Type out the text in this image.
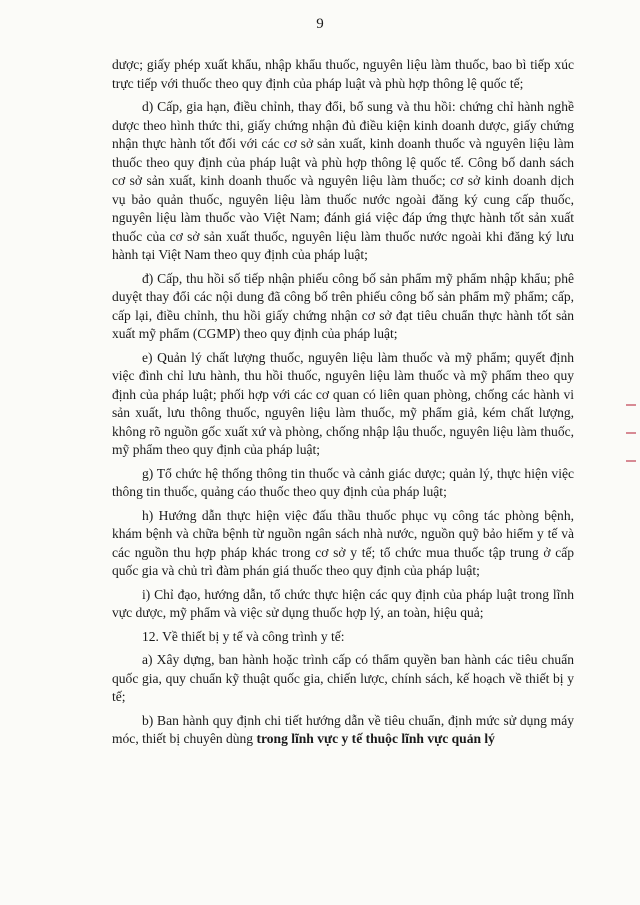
9

dược; giấy phép xuất khẩu, nhập khẩu thuốc, nguyên liệu làm thuốc, bao bì tiếp xúc trực tiếp với thuốc theo quy định của pháp luật và phù hợp thông lệ quốc tế;

d) Cấp, gia hạn, điều chỉnh, thay đổi, bổ sung và thu hồi: chứng chỉ hành nghề dược theo hình thức thi, giấy chứng nhận đủ điều kiện kinh doanh dược, giấy chứng nhận thực hành tốt đối với các cơ sở sản xuất, kinh doanh thuốc và nguyên liệu làm thuốc theo quy định của pháp luật và phù hợp thông lệ quốc tế. Công bố danh sách cơ sở sản xuất, kinh doanh thuốc và nguyên liệu làm thuốc; cơ sở kinh doanh dịch vụ bảo quản thuốc, nguyên liệu làm thuốc nước ngoài đăng ký cung cấp thuốc, nguyên liệu làm thuốc vào Việt Nam; đánh giá việc đáp ứng thực hành tốt sản xuất thuốc của cơ sở sản xuất thuốc, nguyên liệu làm thuốc nước ngoài khi đăng ký lưu hành tại Việt Nam theo quy định của pháp luật;

đ) Cấp, thu hồi số tiếp nhận phiếu công bố sản phẩm mỹ phẩm nhập khẩu; phê duyệt thay đổi các nội dung đã công bố trên phiếu công bố sản phẩm mỹ phẩm; cấp, cấp lại, điều chỉnh, thu hồi giấy chứng nhận cơ sở đạt tiêu chuẩn thực hành tốt sản xuất mỹ phẩm (CGMP) theo quy định của pháp luật;

e) Quản lý chất lượng thuốc, nguyên liệu làm thuốc và mỹ phẩm; quyết định việc đình chỉ lưu hành, thu hồi thuốc, nguyên liệu làm thuốc và mỹ phẩm theo quy định của pháp luật; phối hợp với các cơ quan có liên quan phòng, chống các hành vi sản xuất, lưu thông thuốc, nguyên liệu làm thuốc, mỹ phẩm giả, kém chất lượng, không rõ nguồn gốc xuất xứ và phòng, chống nhập lậu thuốc, nguyên liệu làm thuốc, mỹ phẩm theo quy định của pháp luật;

g) Tổ chức hệ thống thông tin thuốc và cảnh giác dược; quản lý, thực hiện việc thông tin thuốc, quảng cáo thuốc theo quy định của pháp luật;

h) Hướng dẫn thực hiện việc đấu thầu thuốc phục vụ công tác phòng bệnh, khám bệnh và chữa bệnh từ nguồn ngân sách nhà nước, nguồn quỹ bảo hiểm y tế và các nguồn thu hợp pháp khác trong cơ sở y tế; tổ chức mua thuốc tập trung ở cấp quốc gia và chủ trì đàm phán giá thuốc theo quy định của pháp luật;

i) Chỉ đạo, hướng dẫn, tổ chức thực hiện các quy định của pháp luật trong lĩnh vực dược, mỹ phẩm và việc sử dụng thuốc hợp lý, an toàn, hiệu quả;

12. Về thiết bị y tế và công trình y tế:

a) Xây dựng, ban hành hoặc trình cấp có thẩm quyền ban hành các tiêu chuẩn quốc gia, quy chuẩn kỹ thuật quốc gia, chiến lược, chính sách, kế hoạch về thiết bị y tế;

b) Ban hành quy định chi tiết hướng dẫn về tiêu chuẩn, định mức sử dụng máy móc, thiết bị chuyên dùng trong lĩnh vực y tế thuộc lĩnh vực quản lý
